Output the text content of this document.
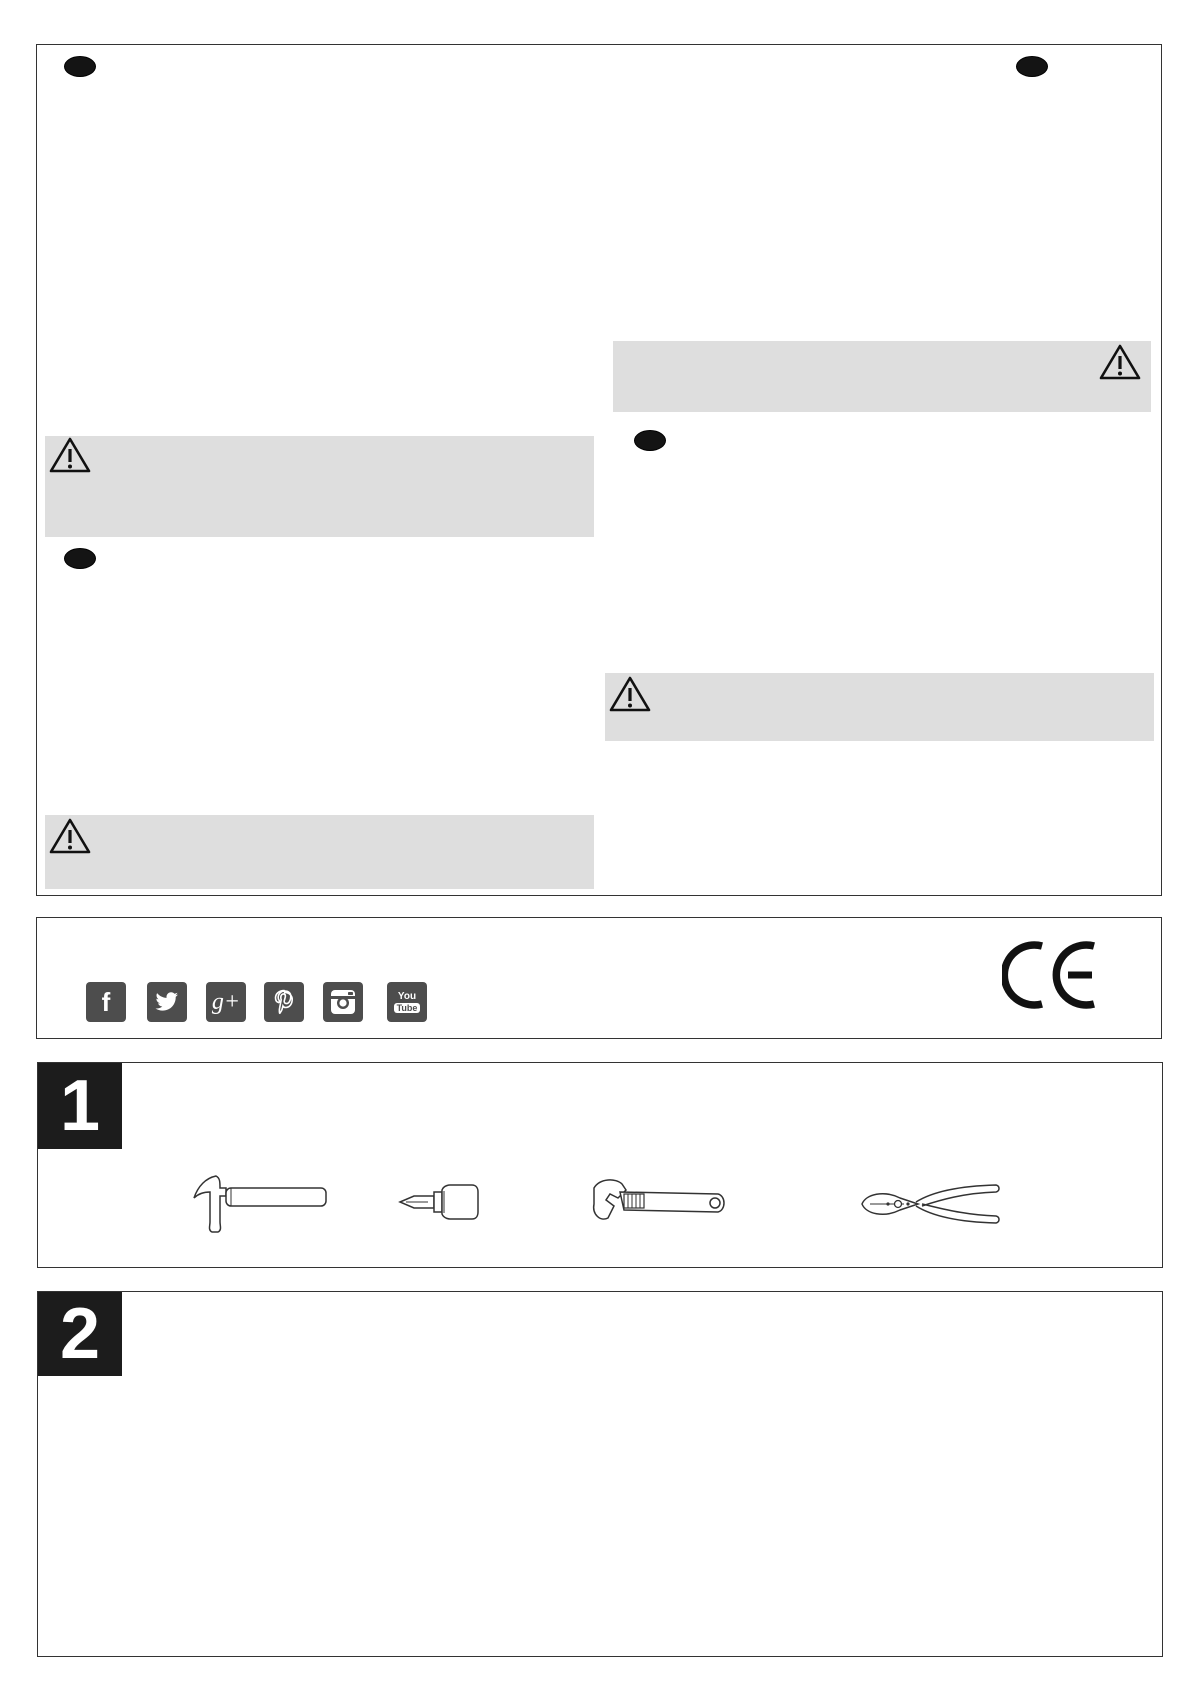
f	g+	You
Tube
1
2
